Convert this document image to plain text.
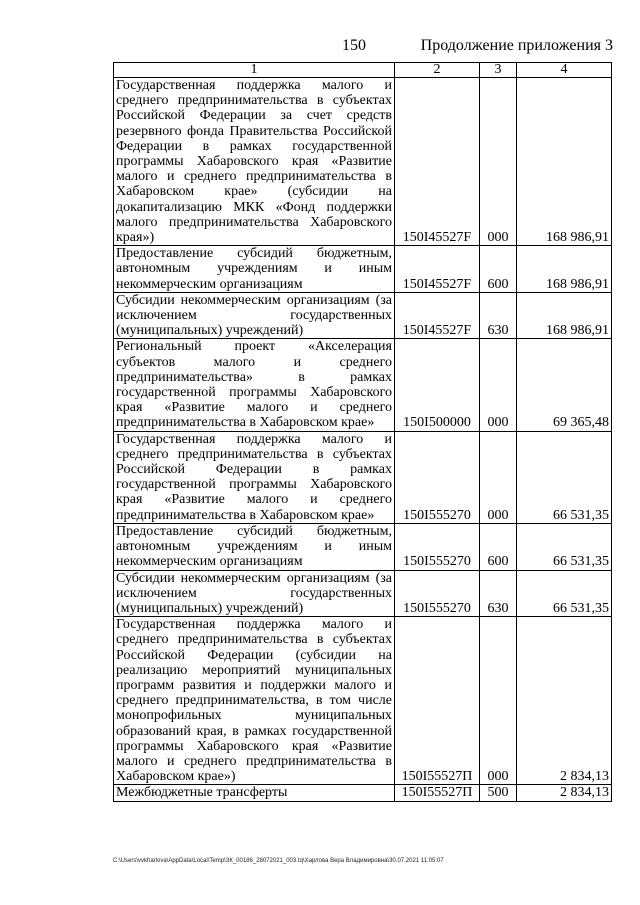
150	Продолжение приложения 3
1	2	3	4
Государственная поддержка малого и среднего предпринимательства в субъектах Российской Федерации за счет средств резервного фонда Правительства Российской Федерации в рамках государственной программы Хабаровского края «Развитие малого и среднего предпринимательства в Хабаровском крае» (субсидии на докапитализацию МКК «Фонд поддержки малого предпринимательства Хабаровского края»)	150I45527F	000	168 986,91
Предоставление субсидий бюджетным, автономным учреждениям и иным некоммерческим организациям	150I45527F	600	168 986,91
Субсидии некоммерческим организациям (за исключением государственных (муниципальных) учреждений)	150I45527F	630	168 986,91
Региональный проект «Акселерация субъектов малого и среднего предпринимательства» в рамках государственной программы Хабаровского края «Развитие малого и среднего предпринимательства в Хабаровском крае»	150I500000	000	69 365,48
Государственная поддержка малого и среднего предпринимательства в субъектах Российской Федерации в рамках государственной программы Хабаровского края «Развитие малого и среднего предпринимательства в Хабаровском крае»	150I555270	000	66 531,35
Предоставление субсидий бюджетным, автономным учреждениям и иным некоммерческим организациям	150I555270	600	66 531,35
Субсидии некоммерческим организациям (за исключением государственных (муниципальных) учреждений)	150I555270	630	66 531,35
Государственная поддержка малого и среднего предпринимательства в субъектах Российской Федерации (субсидии на реализацию мероприятий муниципальных программ развития и поддержки малого и среднего предпринимательства, в том числе монопрофильных муниципальных образований края, в рамках государственной программы Хабаровского края «Развитие малого и среднего предпринимательства в Хабаровском крае»)	150I55527П	000	2 834,13
Межбюджетные трансферты	150I55527П	500	2 834,13
C:\Users\vvkharlova\AppData\Local\Temp\ЗК_00186_28072021_003.tq\Харлова Вера Владимировна\30.07.2021 11:05:07
